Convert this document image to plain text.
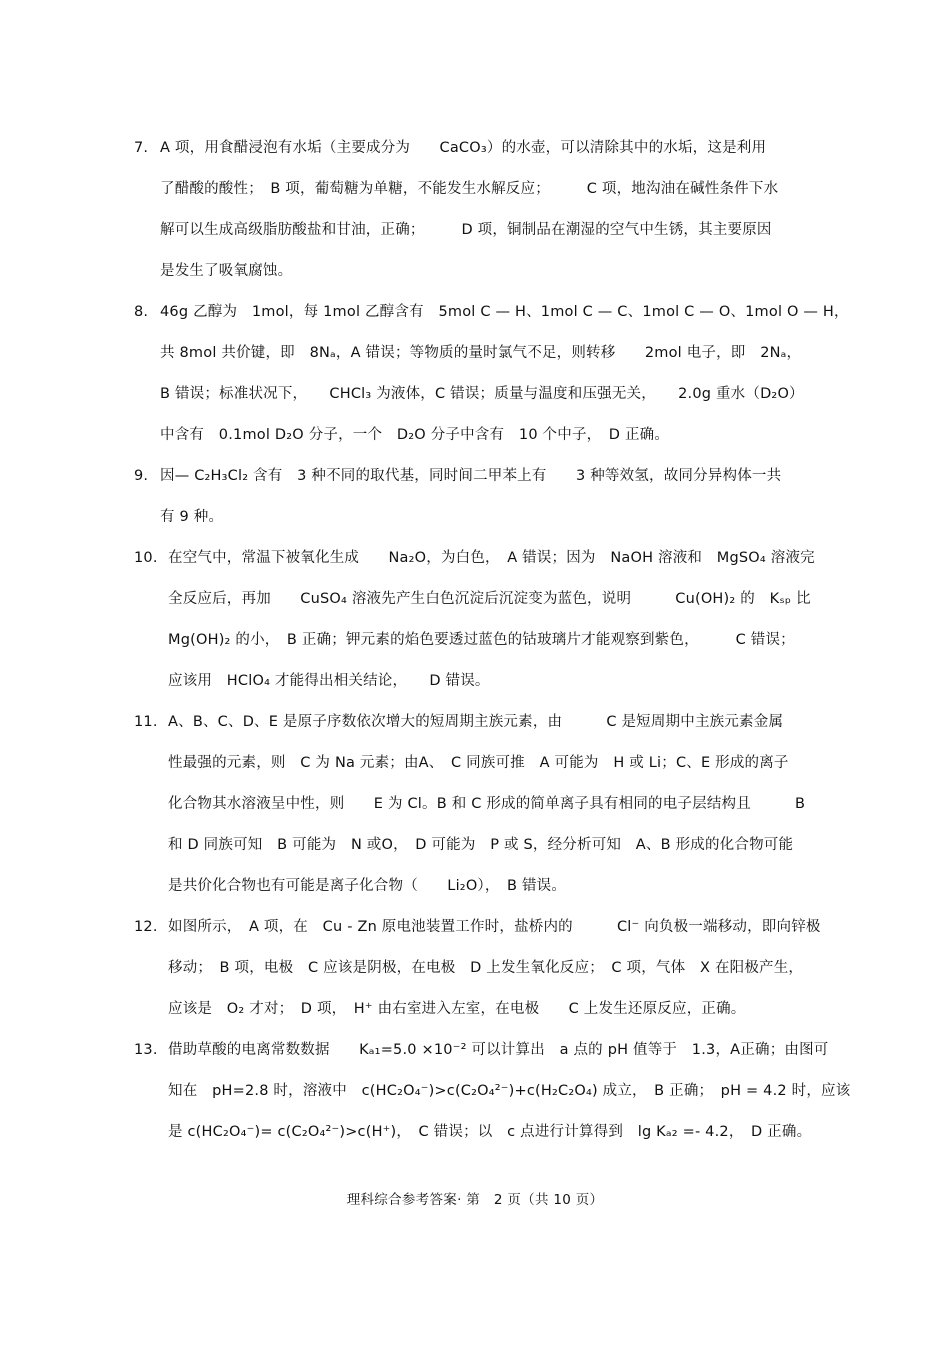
7. A 项，用食醋浸泡有水垢（主要成分为　　CaCO₃）的水壶，可以清除其中的水垢，这是利用
了醋酸的酸性；　B 项，葡萄糖为单糖，不能发生水解反应；　　　C 项，地沟油在碱性条件下水
解可以生成高级脂肪酸盐和甘油，正确；　　　D 项，铜制品在潮湿的空气中生锈，其主要原因
是发生了吸氧腐蚀。
8. 46g 乙醇为　1mol，每 1mol 乙醇含有　5mol C — H、1mol C — C、1mol C — O、1mol O — H，
共 8mol 共价键，即　8Nₐ，A 错误；等物质的量时氯气不足，则转移　　2mol 电子，即　2Nₐ，
B 错误；标准状况下，　　CHCl₃ 为液体，C 错误；质量与温度和压强无关，　　2.0g 重水（D₂O）
中含有　0.1mol D₂O 分子，一个　D₂O 分子中含有　10 个中子，　D 正确。
9. 因— C₂H₃Cl₂ 含有　3 种不同的取代基，同时间二甲苯上有　　3 种等效氢，故同分异构体一共
有 9 种。
10. 在空气中，常温下被氧化生成　　Na₂O，为白色，　A 错误；因为　NaOH 溶液和　MgSO₄ 溶液完
全反应后，再加　　CuSO₄ 溶液先产生白色沉淀后沉淀变为蓝色，说明　　　Cu(OH)₂ 的　Kₛₚ 比
Mg(OH)₂ 的小，　B 正确；钾元素的焰色要透过蓝色的钴玻璃片才能观察到紫色，　　　C 错误；
应该用　HClO₄ 才能得出相关结论，　　D 错误。
11. A、B、C、D、E 是原子序数依次增大的短周期主族元素，由　　　C 是短周期中主族元素金属
性最强的元素，则　C 为 Na 元素；由A、　C 同族可推　A 可能为　H 或 Li；C、E 形成的离子
化合物其水溶液呈中性，则　　E 为 Cl。B 和 C 形成的简单离子具有相同的电子层结构且　　　B
和 D 同族可知　B 可能为　N 或O，　D 可能为　P 或 S，经分析可知　A、B 形成的化合物可能
是共价化合物也有可能是离子化合物（　　Li₂O），　B 错误。
12. 如图所示，　A 项，在　Cu - Zn 原电池装置工作时，盐桥内的　　　Cl⁻ 向负极一端移动，即向锌极
移动；　B 项，电极　C 应该是阴极，在电极　D 上发生氧化反应；　C 项，气体　X 在阳极产生，
应该是　O₂ 才对；　D 项，　H⁺ 由右室进入左室，在电极　　C 上发生还原反应，正确。
13. 借助草酸的电离常数数据　　Kₐ₁=5.0 ×10⁻² 可以计算出　a 点的 pH 值等于　1.3，A正确；由图可
知在　pH=2.8 时，溶液中　c(HC₂O₄⁻)>c(C₂O₄²⁻)+c(H₂C₂O₄) 成立，　B 正确；　pH = 4.2 时，应该
是 c(HC₂O₄⁻)= c(C₂O₄²⁻)>c(H⁺)，　C 错误；以　c 点进行计算得到　lg Kₐ₂ =- 4.2，　D 正确。
理科综合参考答案· 第　2 页（共 10 页）
